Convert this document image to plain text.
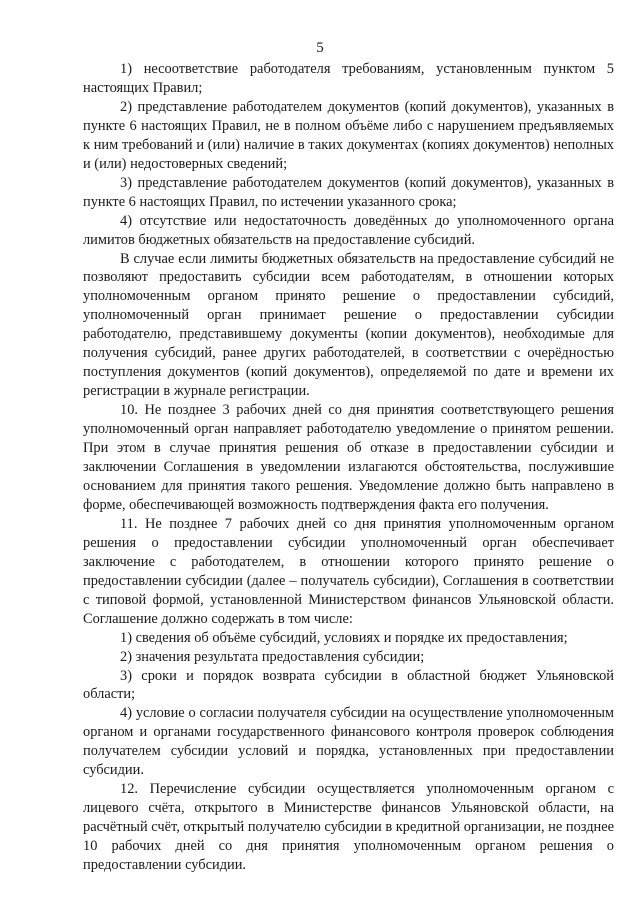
5

1) несоответствие работодателя требованиям, установленным пунктом 5 настоящих Правил;

2) представление работодателем документов (копий документов), указанных в пункте 6 настоящих Правил, не в полном объёме либо с нарушением предъявляемых к ним требований и (или) наличие в таких документах (копиях документов) неполных и (или) недостоверных сведений;

3) представление работодателем документов (копий документов), указанных в пункте 6 настоящих Правил, по истечении указанного срока;

4) отсутствие или недостаточность доведённых до уполномоченного органа лимитов бюджетных обязательств на предоставление субсидий.

В случае если лимиты бюджетных обязательств на предоставление субсидий не позволяют предоставить субсидии всем работодателям, в отношении которых уполномоченным органом принято решение о предоставлении субсидий, уполномоченный орган принимает решение о предоставлении субсидии работодателю, представившему документы (копии документов), необходимые для получения субсидий, ранее других работодателей, в соответствии с очерёдностью поступления документов (копий документов), определяемой по дате и времени их регистрации в журнале регистрации.

10. Не позднее 3 рабочих дней со дня принятия соответствующего решения уполномоченный орган направляет работодателю уведомление о принятом решении. При этом в случае принятия решения об отказе в предоставлении субсидии и заключении Соглашения в уведомлении излагаются обстоятельства, послужившие основанием для принятия такого решения. Уведомление должно быть направлено в форме, обеспечивающей возможность подтверждения факта его получения.

11. Не позднее 7 рабочих дней со дня принятия уполномоченным органом решения о предоставлении субсидии уполномоченный орган обеспечивает заключение с работодателем, в отношении которого принято решение о предоставлении субсидии (далее – получатель субсидии), Соглашения в соответствии с типовой формой, установленной Министерством финансов Ульяновской области. Соглашение должно содержать в том числе:

1) сведения об объёме субсидий, условиях и порядке их предоставления;

2) значения результата предоставления субсидии;

3) сроки и порядок возврата субсидии в областной бюджет Ульяновской области;

4) условие о согласии получателя субсидии на осуществление уполномоченным органом и органами государственного финансового контроля проверок соблюдения получателем субсидии условий и порядка, установленных при предоставлении субсидии.

12. Перечисление субсидии осуществляется уполномоченным органом с лицевого счёта, открытого в Министерстве финансов Ульяновской области, на расчётный счёт, открытый получателю субсидии в кредитной организации, не позднее 10 рабочих дней со дня принятия уполномоченным органом решения о предоставлении субсидии.
